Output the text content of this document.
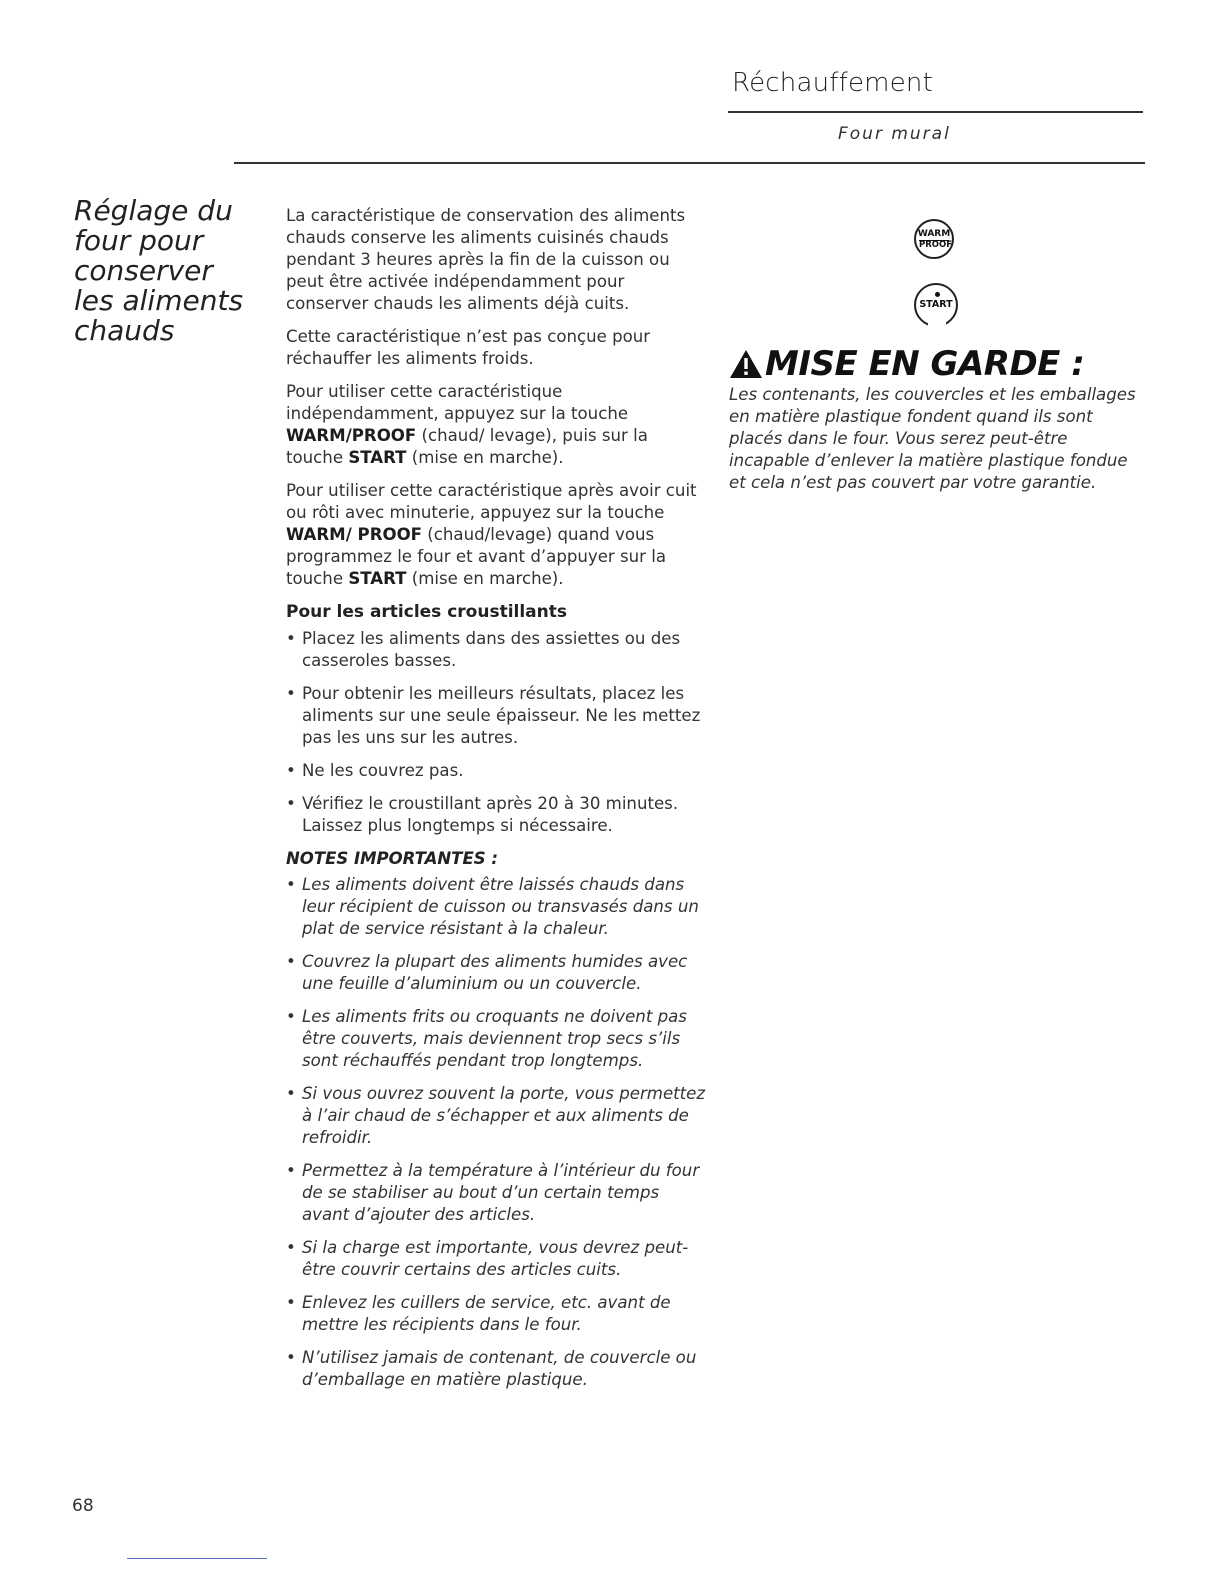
Réchauffement
Four mural
Réglage du four pour conserver les aliments chauds

La caractéristique de conservation des aliments chauds conserve les aliments cuisinés chauds pendant 3 heures après la fin de la cuisson ou peut être activée indépendamment pour conserver chauds les aliments déjà cuits.

Cette caractéristique n’est pas conçue pour réchauffer les aliments froids.

Pour utiliser cette caractéristique indépendamment, appuyez sur la touche WARM/PROOF (chaud/ levage), puis sur la touche START (mise en marche).

Pour utiliser cette caractéristique après avoir cuit ou rôti avec minuterie, appuyez sur la touche WARM/ PROOF (chaud/levage) quand vous programmez le four et avant d’appuyer sur la touche START (mise en marche).

Pour les articles croustillants
• Placez les aliments dans des assiettes ou des casseroles basses.
• Pour obtenir les meilleurs résultats, placez les aliments sur une seule épaisseur. Ne les mettez pas les uns sur les autres.
• Ne les couvrez pas.
• Vérifiez le croustillant après 20 à 30 minutes. Laissez plus longtemps si nécessaire.
NOTES IMPORTANTES :
• Les aliments doivent être laissés chauds dans leur récipient de cuisson ou transvasés dans un plat de service résistant à la chaleur.
• Couvrez la plupart des aliments humides avec une feuille d’aluminium ou un couvercle.
• Les aliments frits ou croquants ne doivent pas être couverts, mais deviennent trop secs s’ils sont réchauffés pendant trop longtemps.
• Si vous ouvrez souvent la porte, vous permettez à l’air chaud de s’échapper et aux aliments de refroidir.
• Permettez à la température à l’intérieur du four de se stabiliser au bout d’un certain temps avant d’ajouter des articles.
• Si la charge est importante, vous devrez peut-être couvrir certains des articles cuits.
• Enlevez les cuillers de service, etc. avant de mettre les récipients dans le four.
• N’utilisez jamais de contenant, de couvercle ou d’emballage en matière plastique.
WARM
PROOF
START
MISE EN GARDE :
Les contenants, les couvercles et les emballages en matière plastique fondent quand ils sont placés dans le four. Vous serez peut-être incapable d’enlever la matière plastique fondue et cela n’est pas couvert par votre garantie.
68
